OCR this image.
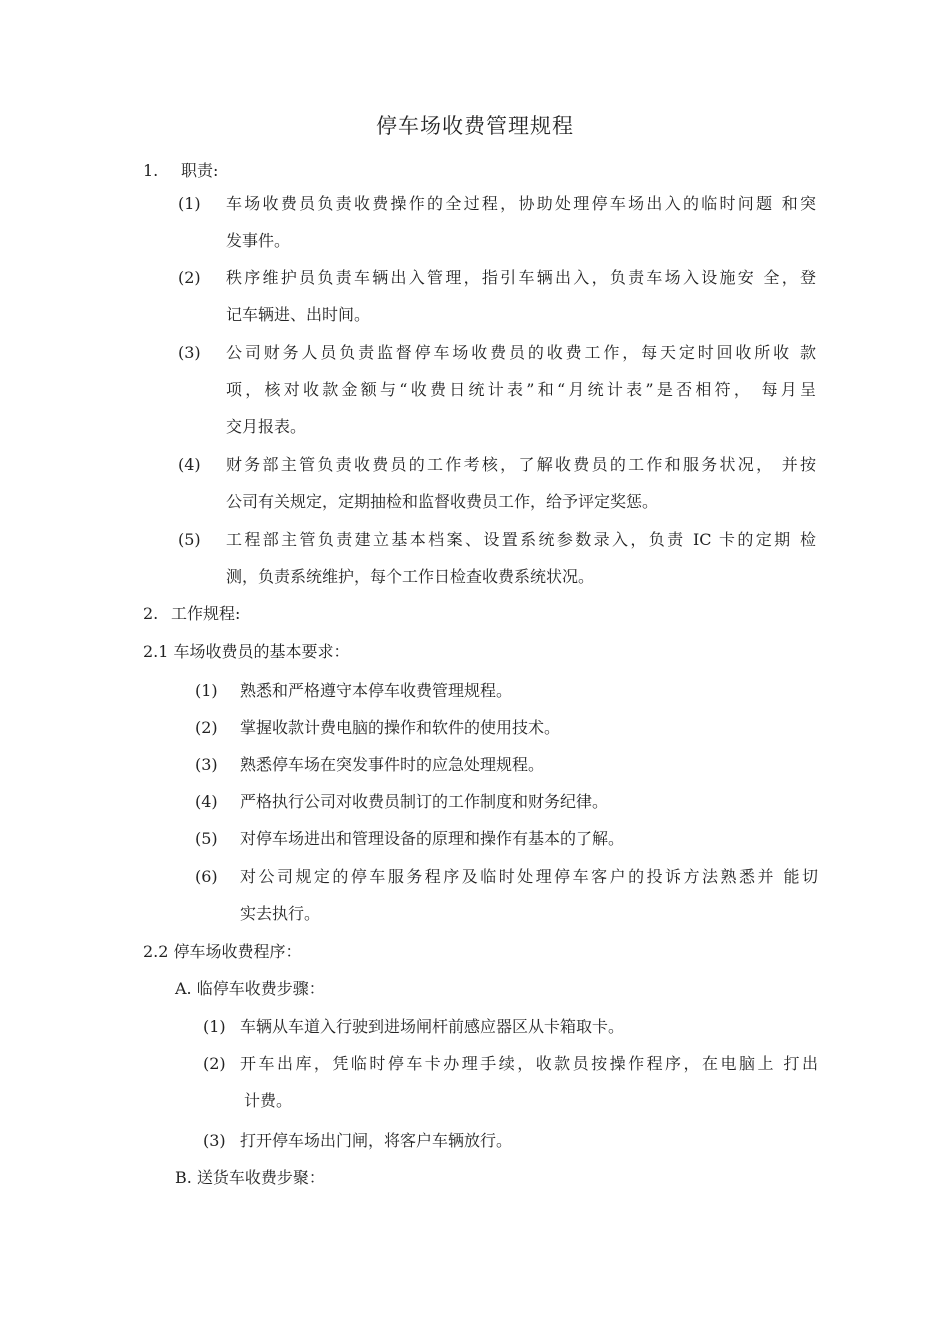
停车场收费管理规程
1. 职责:
(1) 车场收费员负责收费操作的全过程，协助处理停车场出入的临时问题 和突
发事件。
(2) 秩序维护员负责车辆出入管理，指引车辆出入，负责车场入设施安 全，登
记车辆进、出时间。
(3) 公司财务人员负责监督停车场收费员的收费工作，每天定时回收所收 款
项，核对收款金额与“收费日统计表”和“月统计表”是否相符， 每月呈
交月报表。
(4) 财务部主管负责收费员的工作考核，了解收费员的工作和服务状况， 并按
公司有关规定，定期抽检和监督收费员工作，给予评定奖惩。
(5) 工程部主管负责建立基本档案、设置系统参数录入，负责 IC 卡的定期 检
测，负责系统维护，每个工作日检查收费系统状况。
2. 工作规程:
2.1 车场收费员的基本要求：
(1) 熟悉和严格遵守本停车收费管理规程。
(2) 掌握收款计费电脑的操作和软件的使用技术。
(3) 熟悉停车场在突发事件时的应急处理规程。
(4) 严格执行公司对收费员制订的工作制度和财务纪律。
(5) 对停车场进出和管理设备的原理和操作有基本的了解。
(6) 对公司规定的停车服务程序及临时处理停车客户的投诉方法熟悉并 能切
实去执行。
2.2 停车场收费程序：
A. 临停车收费步骤：
(1) 车辆从车道入行驶到进场闸杆前感应器区从卡箱取卡。
(2) 开车出库，凭临时停车卡办理手续，收款员按操作程序，在电脑上 打出
计费。
(3) 打开停车场出门闸，将客户车辆放行。
B. 送货车收费步聚：
